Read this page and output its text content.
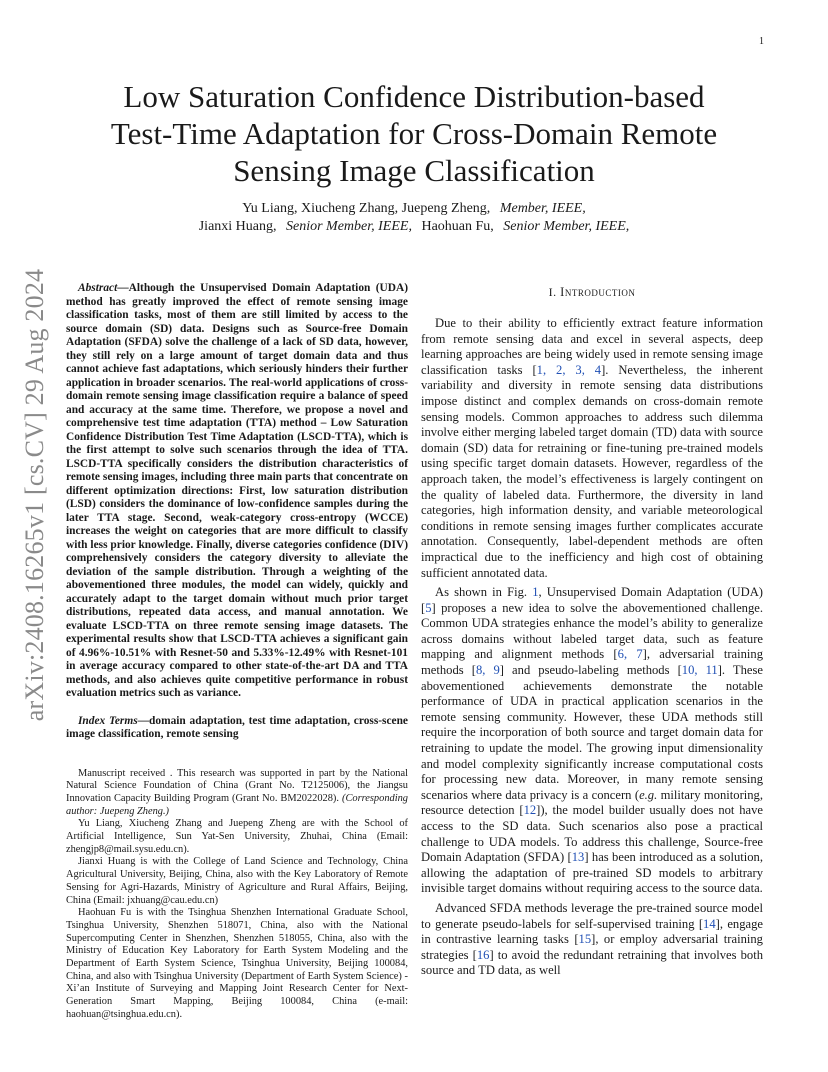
1
arXiv:2408.16265v1 [cs.CV] 29 Aug 2024
Low Saturation Confidence Distribution-based
Test-Time Adaptation for Cross-Domain Remote
Sensing Image Classification
Yu Liang, Xiucheng Zhang, Juepeng Zheng, Member, IEEE,
Jianxi Huang, Senior Member, IEEE, Haohuan Fu, Senior Member, IEEE,

Abstract—Although the Unsupervised Domain Adaptation (UDA) method has greatly improved the effect of remote sensing image classification tasks, most of them are still limited by access to the source domain (SD) data. Designs such as Source-free Domain Adaptation (SFDA) solve the challenge of a lack of SD data, however, they still rely on a large amount of target domain data and thus cannot achieve fast adaptations, which seriously hinders their further application in broader scenarios. The real-world applications of cross-domain remote sensing image classification require a balance of speed and accuracy at the same time. Therefore, we propose a novel and comprehensive test time adaptation (TTA) method – Low Saturation Confidence Distribution Test Time Adaptation (LSCD-TTA), which is the first attempt to solve such scenarios through the idea of TTA. LSCD-TTA specifically considers the distribution characteristics of remote sensing images, including three main parts that concentrate on different optimization directions: First, low saturation distribution (LSD) considers the dominance of low-confidence samples during the later TTA stage. Second, weak-category cross-entropy (WCCE) increases the weight on categories that are more difficult to classify with less prior knowledge. Finally, diverse categories confidence (DIV) comprehensively considers the category diversity to alleviate the deviation of the sample distribution. Through a weighting of the abovementioned three modules, the model can widely, quickly and accurately adapt to the target domain without much prior target distributions, repeated data access, and manual annotation. We evaluate LSCD-TTA on three remote sensing image datasets. The experimental results show that LSCD-TTA achieves a significant gain of 4.96%-10.51% with Resnet-50 and 5.33%-12.49% with Resnet-101 in average accuracy compared to other state-of-the-art DA and TTA methods, and also achieves quite competitive performance in robust evaluation metrics such as variance.

Index Terms—domain adaptation, test time adaptation, cross-scene image classification, remote sensing

Manuscript received . This research was supported in part by the National Natural Science Foundation of China (Grant No. T2125006), the Jiangsu Innovation Capacity Building Program (Grant No. BM2022028). (Corresponding author: Juepeng Zheng.)

Yu Liang, Xiucheng Zhang and Juepeng Zheng are with the School of Artificial Intelligence, Sun Yat-Sen University, Zhuhai, China (Email: zhengjp8@mail.sysu.edu.cn).

Jianxi Huang is with the College of Land Science and Technology, China Agricultural University, Beijing, China, also with the Key Laboratory of Remote Sensing for Agri-Hazards, Ministry of Agriculture and Rural Affairs, Beijing, China (Email: jxhuang@cau.edu.cn)

Haohuan Fu is with the Tsinghua Shenzhen International Graduate School, Tsinghua University, Shenzhen 518071, China, also with the National Supercomputing Center in Shenzhen, Shenzhen 518055, China, also with the Ministry of Education Key Laboratory for Earth System Modeling and the Department of Earth System Science, Tsinghua University, Beijing 100084, China, and also with Tsinghua University (Department of Earth System Science) - Xi’an Institute of Surveying and Mapping Joint Research Center for Next-Generation Smart Mapping, Beijing 100084, China (e-mail: haohuan@tsinghua.edu.cn).

I. Introduction

Due to their ability to efficiently extract feature information from remote sensing data and excel in several aspects, deep learning approaches are being widely used in remote sensing image classification tasks [1, 2, 3, 4]. Nevertheless, the inherent variability and diversity in remote sensing data distributions impose distinct and complex demands on cross-domain remote sensing models. Common approaches to address such dilemma involve either merging labeled target domain (TD) data with source domain (SD) data for retraining or fine-tuning pre-trained models using specific target domain datasets. However, regardless of the approach taken, the model’s effectiveness is largely contingent on the quality of labeled data. Furthermore, the diversity in land categories, high information density, and variable meteorological conditions in remote sensing images further complicates accurate annotation. Consequently, label-dependent methods are often impractical due to the inefficiency and high cost of obtaining sufficient annotated data.

As shown in Fig. 1, Unsupervised Domain Adaptation (UDA) [5] proposes a new idea to solve the abovementioned challenge. Common UDA strategies enhance the model’s ability to generalize across domains without labeled target data, such as feature mapping and alignment methods [6, 7], adversarial training methods [8, 9] and pseudo-labeling methods [10, 11]. These abovementioned achievements demonstrate the notable performance of UDA in practical application scenarios in the remote sensing community. However, these UDA methods still require the incorporation of both source and target domain data for retraining to update the model. The growing input dimensionality and model complexity significantly increase computational costs for processing new data. Moreover, in many remote sensing scenarios where data privacy is a concern (e.g. military monitoring, resource detection [12]), the model builder usually does not have access to the SD data. Such scenarios also pose a practical challenge to UDA models. To address this challenge, Source-free Domain Adaptation (SFDA) [13] has been introduced as a solution, allowing the adaptation of pre-trained SD models to arbitrary invisible target domains without requiring access to the source data.

Advanced SFDA methods leverage the pre-trained source model to generate pseudo-labels for self-supervised training [14], engage in contrastive learning tasks [15], or employ adversarial training strategies [16] to avoid the redundant retraining that involves both source and TD data, as well
